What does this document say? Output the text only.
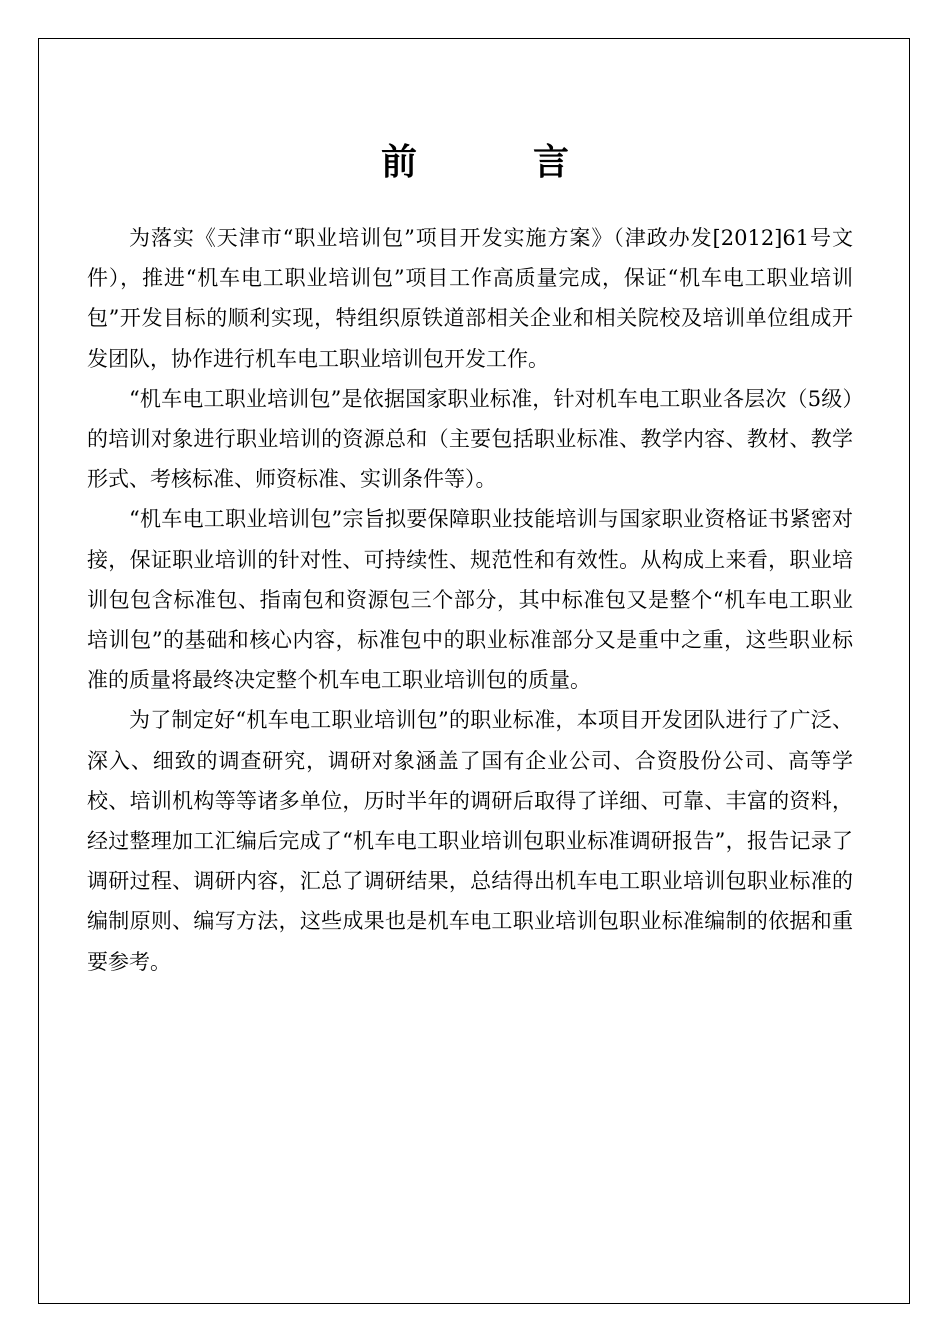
前　言

为落实《天津市“职业培训包”项目开发实施方案》（津政办发[2012]61号文件），推进“机车电工职业培训包”项目工作高质量完成，保证“机车电工职业培训包”开发目标的顺利实现，特组织原铁道部相关企业和相关院校及培训单位组成开发团队，协作进行机车电工职业培训包开发工作。

“机车电工职业培训包”是依据国家职业标准，针对机车电工职业各层次（5级）的培训对象进行职业培训的资源总和（主要包括职业标准、教学内容、教材、教学形式、考核标准、师资标准、实训条件等）。

“机车电工职业培训包”宗旨拟要保障职业技能培训与国家职业资格证书紧密对接，保证职业培训的针对性、可持续性、规范性和有效性。从构成上来看，职业培训包包含标准包、指南包和资源包三个部分，其中标准包又是整个“机车电工职业培训包”的基础和核心内容，标准包中的职业标准部分又是重中之重，这些职业标准的质量将最终决定整个机车电工职业培训包的质量。

为了制定好“机车电工职业培训包”的职业标准，本项目开发团队进行了广泛、深入、细致的调查研究，调研对象涵盖了国有企业公司、合资股份公司、高等学校、培训机构等等诸多单位，历时半年的调研后取得了详细、可靠、丰富的资料，经过整理加工汇编后完成了“机车电工职业培训包职业标准调研报告”，报告记录了调研过程、调研内容，汇总了调研结果，总结得出机车电工职业培训包职业标准的编制原则、编写方法，这些成果也是机车电工职业培训包职业标准编制的依据和重要参考。
